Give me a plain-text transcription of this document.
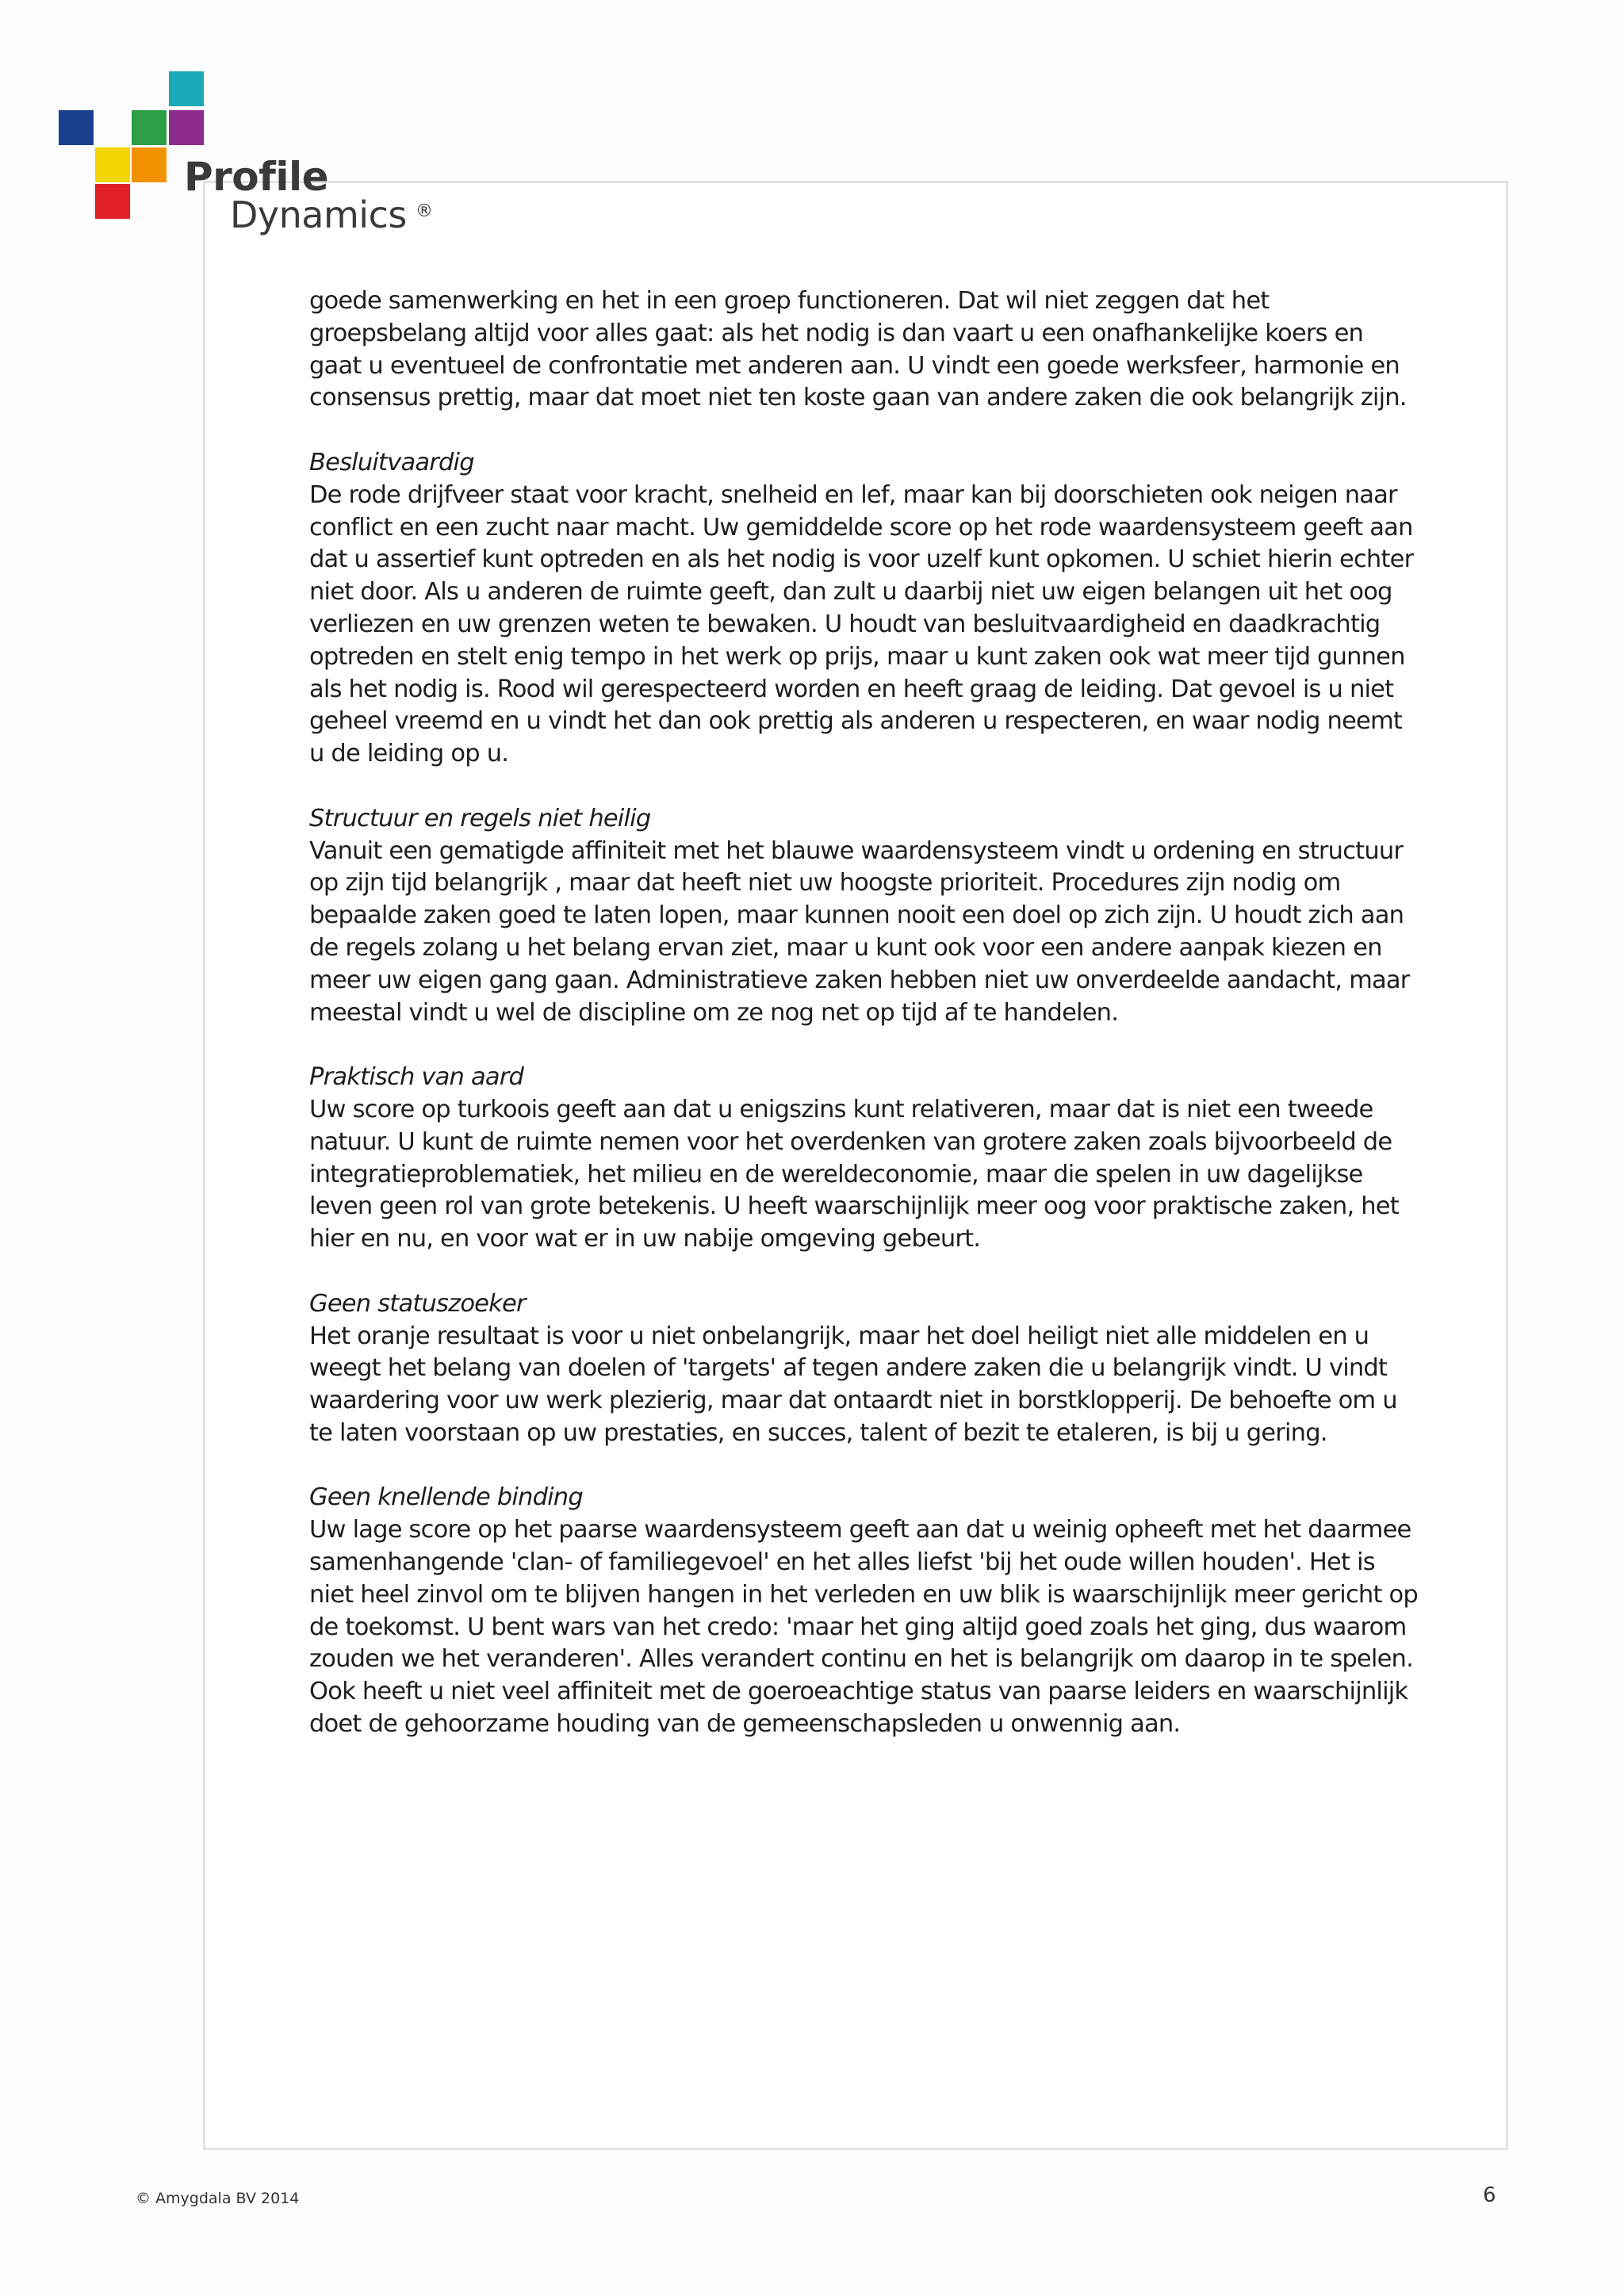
Profile
Dynamics ®

goede samenwerking en het in een groep functioneren. Dat wil niet zeggen dat het groepsbelang altijd voor alles gaat: als het nodig is dan vaart u een onafhankelijke koers en gaat u eventueel de confrontatie met anderen aan. U vindt een goede werksfeer, harmonie en consensus prettig, maar dat moet niet ten koste gaan van andere zaken die ook belangrijk zijn.

Besluitvaardig
De rode drijfveer staat voor kracht, snelheid en lef, maar kan bij doorschieten ook neigen naar conflict en een zucht naar macht. Uw gemiddelde score op het rode waardensysteem geeft aan dat u assertief kunt optreden en als het nodig is voor uzelf kunt opkomen. U schiet hierin echter niet door. Als u anderen de ruimte geeft, dan zult u daarbij niet uw eigen belangen uit het oog verliezen en uw grenzen weten te bewaken. U houdt van besluitvaardigheid en daadkrachtig optreden en stelt enig tempo in het werk op prijs, maar u kunt zaken ook wat meer tijd gunnen als het nodig is. Rood wil gerespecteerd worden en heeft graag de leiding. Dat gevoel is u niet geheel vreemd en u vindt het dan ook prettig als anderen u respecteren, en waar nodig neemt u de leiding op u.
Structuur en regels niet heilig
Vanuit een gematigde affiniteit met het blauwe waardensysteem vindt u ordening en structuur op zijn tijd belangrijk , maar dat heeft niet uw hoogste prioriteit. Procedures zijn nodig om bepaalde zaken goed te laten lopen, maar kunnen nooit een doel op zich zijn. U houdt zich aan de regels zolang u het belang ervan ziet, maar u kunt ook voor een andere aanpak kiezen en meer uw eigen gang gaan. Administratieve zaken hebben niet uw onverdeelde aandacht, maar meestal vindt u wel de discipline om ze nog net op tijd af te handelen.
Praktisch van aard
Uw score op turkoois geeft aan dat u enigszins kunt relativeren, maar dat is niet een tweede natuur. U kunt de ruimte nemen voor het overdenken van grotere zaken zoals bijvoorbeeld de integratieproblematiek, het milieu en de wereldeconomie, maar die spelen in uw dagelijkse leven geen rol van grote betekenis. U heeft waarschijnlijk meer oog voor praktische zaken, het hier en nu, en voor wat er in uw nabije omgeving gebeurt.
Geen statuszoeker
Het oranje resultaat is voor u niet onbelangrijk, maar het doel heiligt niet alle middelen en u weegt het belang van doelen of 'targets' af tegen andere zaken die u belangrijk vindt. U vindt waardering voor uw werk plezierig, maar dat ontaardt niet in borstklopperij. De behoefte om u te laten voorstaan op uw prestaties, en succes, talent of bezit te etaleren, is bij u gering.
Geen knellende binding
Uw lage score op het paarse waardensysteem geeft aan dat u weinig opheeft met het daarmee samenhangende 'clan- of familiegevoel' en het alles liefst 'bij het oude willen houden'. Het is niet heel zinvol om te blijven hangen in het verleden en uw blik is waarschijnlijk meer gericht op de toekomst. U bent wars van het credo: 'maar het ging altijd goed zoals het ging, dus waarom zouden we het veranderen'. Alles verandert continu en het is belangrijk om daarop in te spelen. Ook heeft u niet veel affiniteit met de goeroeachtige status van paarse leiders en waarschijnlijk doet de gehoorzame houding van de gemeenschapsleden u onwennig aan.
© Amygdala BV 2014	6
